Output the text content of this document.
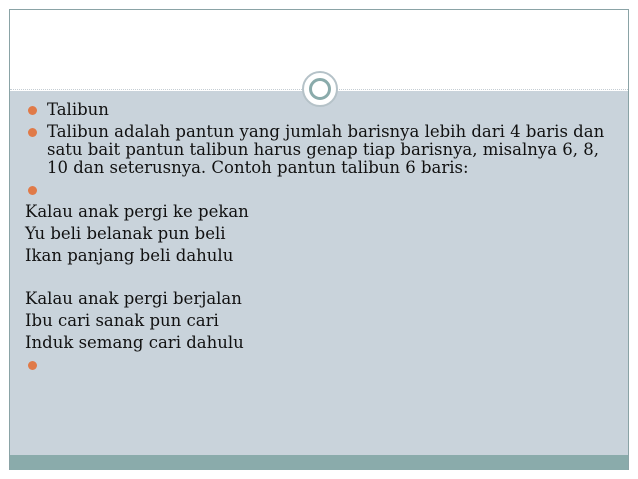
Talibun
Talibun adalah pantun yang jumlah barisnya lebih dari 4 baris dan satu bait pantun talibun harus genap tiap barisnya, misalnya 6, 8, 10 dan seterusnya. Contoh pantun talibun 6 baris:
Kalau anak pergi ke pekan
Yu beli belanak pun beli
Ikan panjang beli dahulu
Kalau anak pergi berjalan
Ibu cari sanak pun cari
Induk semang cari dahulu
